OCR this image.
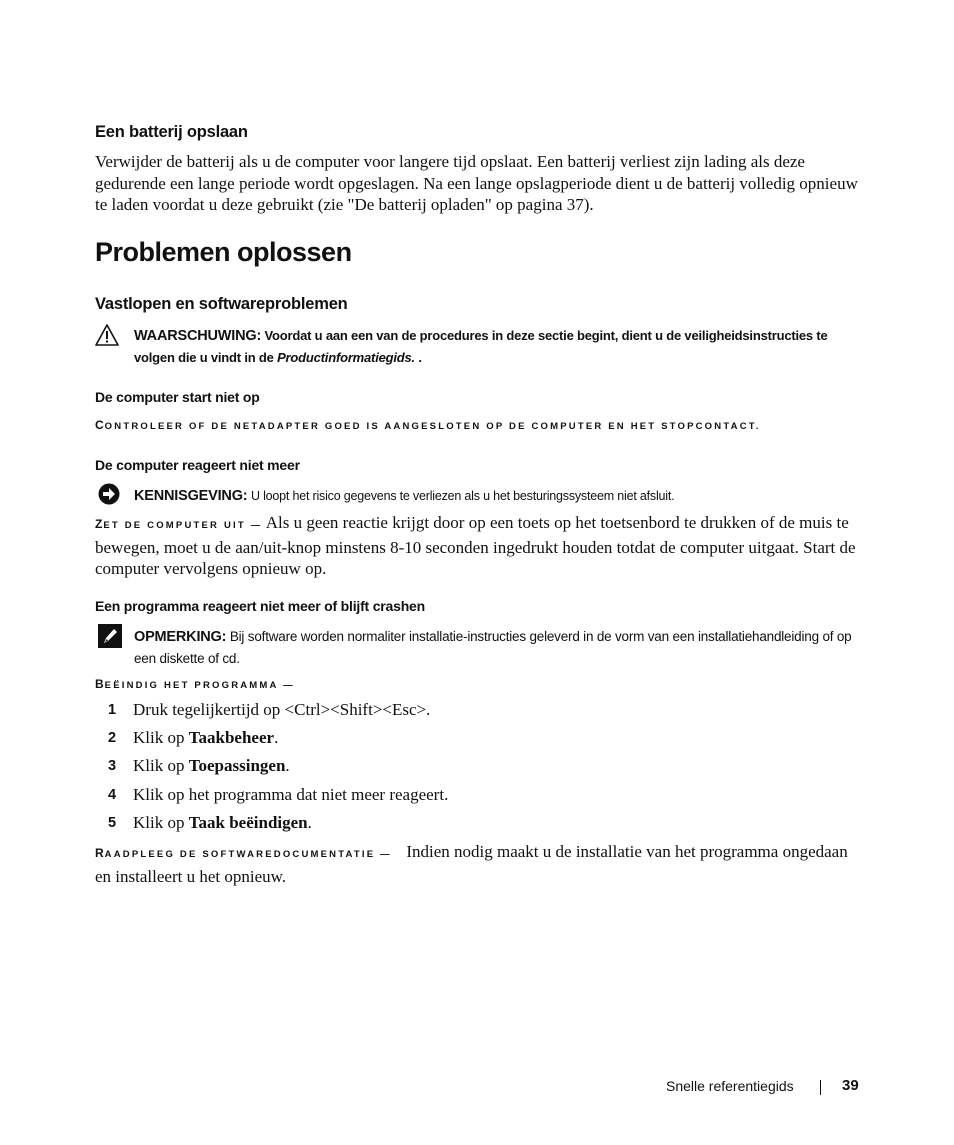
Een batterij opslaan
Verwijder de batterij als u de computer voor langere tijd opslaat. Een batterij verliest zijn lading als deze gedurende een lange periode wordt opgeslagen. Na een lange opslagperiode dient u de batterij volledig opnieuw te laden voordat u deze gebruikt (zie "De batterij opladen" op pagina 37).
Problemen oplossen
Vastlopen en softwareproblemen
WAARSCHUWING: Voordat u aan een van de procedures in deze sectie begint, dient u de veiligheidsinstructies te volgen die u vindt in de Productinformatiegids. .
De computer start niet op
CONTROLEER OF DE NETADAPTER GOED IS AANGESLOTEN OP DE COMPUTER EN HET STOPCONTACT.
De computer reageert niet meer
KENNISGEVING: U loopt het risico gegevens te verliezen als u het besturingssysteem niet afsluit.
ZET DE COMPUTER UIT — Als u geen reactie krijgt door op een toets op het toetsenbord te drukken of de muis te bewegen, moet u de aan/uit-knop minstens 8-10 seconden ingedrukt houden totdat de computer uitgaat. Start de computer vervolgens opnieuw op.
Een programma reageert niet meer of blijft crashen
OPMERKING: Bij software worden normaliter installatie-instructies geleverd in de vorm van een installatiehandleiding of op een diskette of cd.
BEËINDIG HET PROGRAMMA —
1 Druk tegelijkertijd op <Ctrl><Shift><Esc>.
2 Klik op Taakbeheer.
3 Klik op Toepassingen.
4 Klik op het programma dat niet meer reageert.
5 Klik op Taak beëindigen.
RAADPLEEG DE SOFTWAREDOCUMENTATIE — Indien nodig maakt u de installatie van het programma ongedaan en installeert u het opnieuw.
Snelle referentiegids	39
